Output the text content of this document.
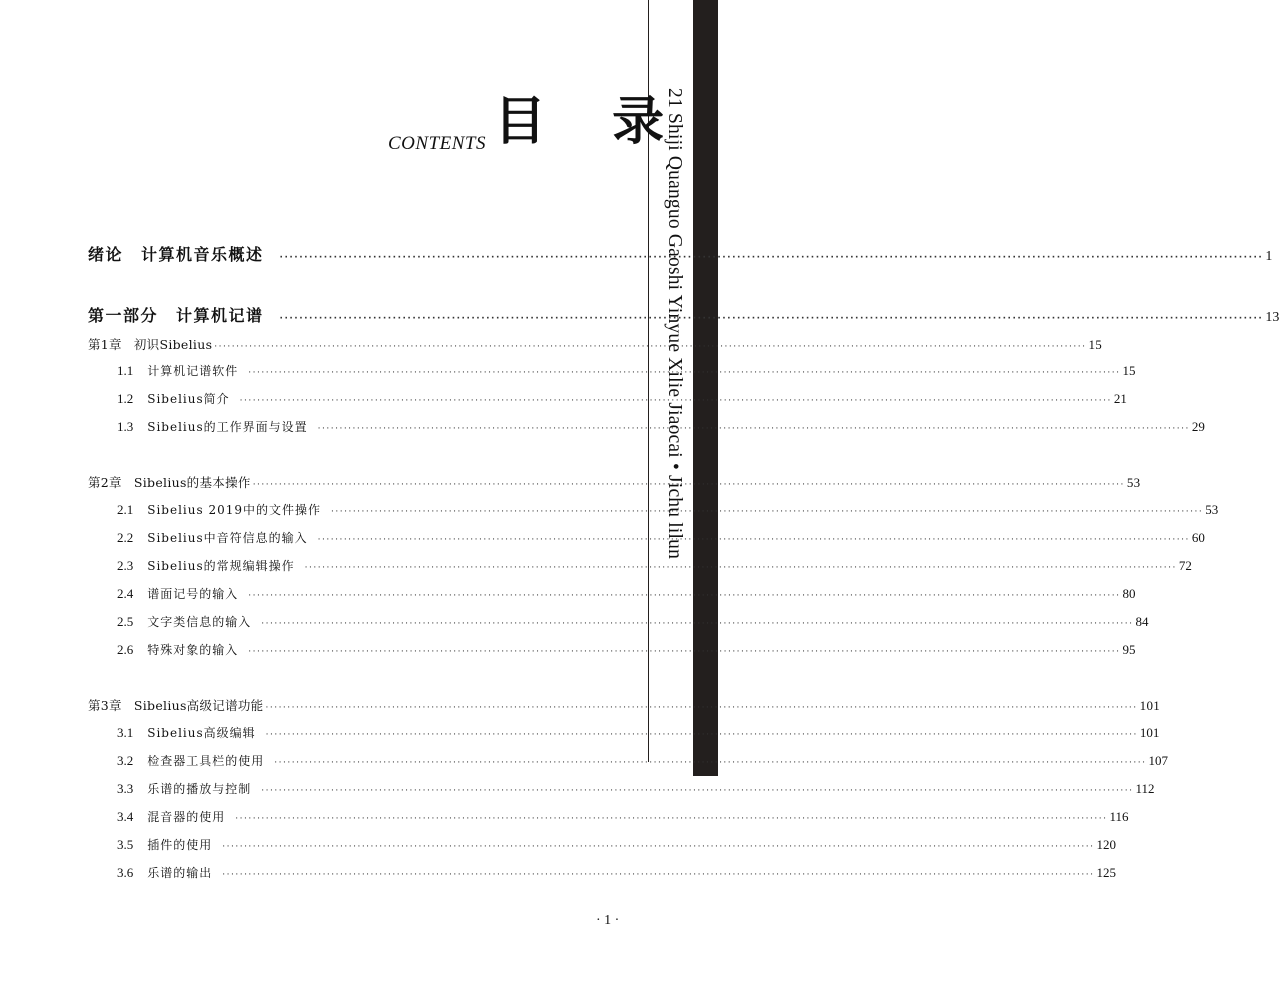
21 Shiji Quanguo Gaoshi Yinyue Xilie Jiaocai • Jichu lilun
CONTENTS 目 录
绪论 计算机音乐概述 ········································································································································································································ 1
第一部分 计算机记谱 ········································································································································································································ 13
第1章 初识Sibelius ········································································································································································································ 15
1.1 计算机记谱软件 ········································································································································································································ 15
1.2 Sibelius简介 ········································································································································································································ 21
1.3 Sibelius的工作界面与设置 ········································································································································································································ 29
第2章 Sibelius的基本操作 ········································································································································································································ 53
2.1 Sibelius 2019中的文件操作 ········································································································································································································ 53
2.2 Sibelius中音符信息的输入 ········································································································································································································ 60
2.3 Sibelius的常规编辑操作 ········································································································································································································ 72
2.4 谱面记号的输入 ········································································································································································································ 80
2.5 文字类信息的输入 ········································································································································································································ 84
2.6 特殊对象的输入 ········································································································································································································ 95
第3章 Sibelius高级记谱功能 ········································································································································································································ 101
3.1 Sibelius高级编辑 ········································································································································································································ 101
3.2 检查器工具栏的使用 ········································································································································································································ 107
3.3 乐谱的播放与控制 ········································································································································································································ 112
3.4 混音器的使用 ········································································································································································································ 116
3.5 插件的使用 ········································································································································································································ 120
3.6 乐谱的输出 ········································································································································································································ 125
· 1 ·
